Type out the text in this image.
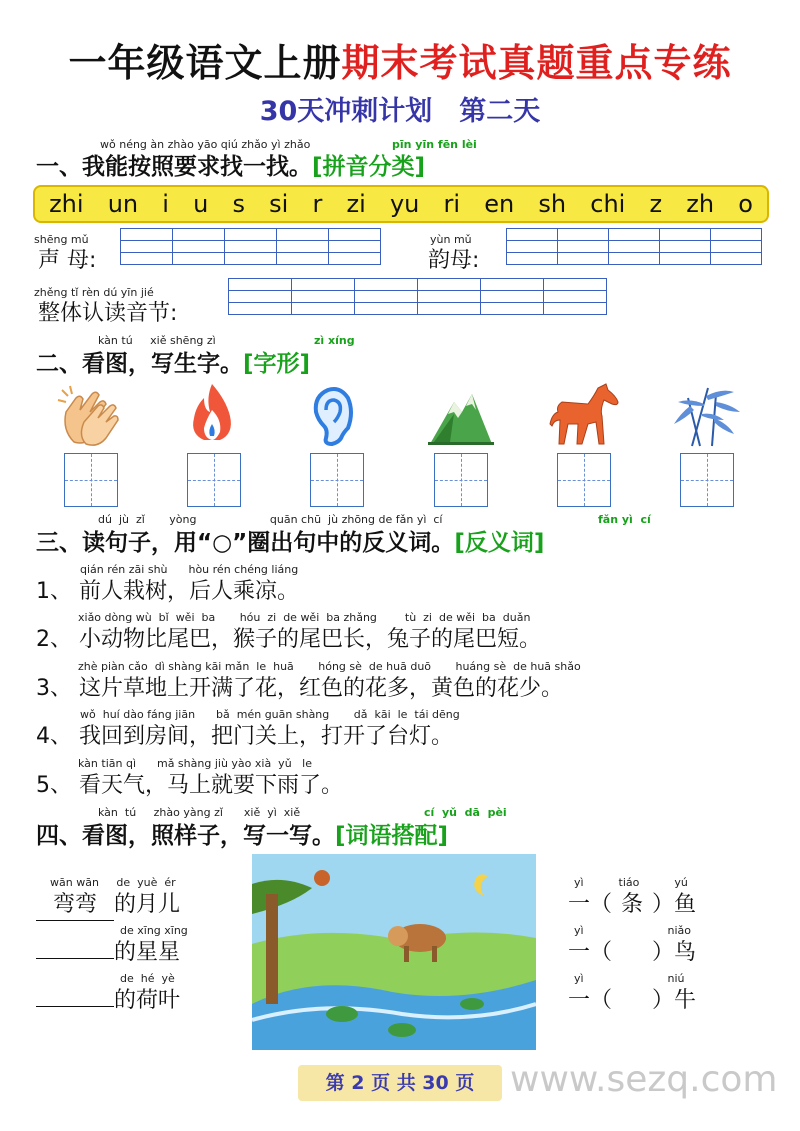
一年级语文上册期末考试真题重点专练
30天冲刺计划　第二天
wǒ néng àn zhào yāo qiú zhǎo yì zhǎo	pīn yīn fēn lèi
一、我能按照要求找一找。[拼音分类]
zhi un i u s si r zi yu ri en sh chi z zh o
shēng mǔ
声 母:

yùn mǔ
韵母:

zhěng tǐ rèn dú yīn jié
整体认读音节:

kàn tú     xiě shēng zì	zì xíng
二、看图，写生字。[字形]
dú  jù  zǐ       yòng                     quān chū  jù zhōng de fǎn yì  cí	fǎn yì  cí
三、读句子，用“○”圈出句中的反义词。[反义词]
qián rén zāi shù      hòu rén chéng liáng
1、 前人栽树，后人乘凉。
xiǎo dòng wù  bǐ  wěi  ba       hóu  zi  de wěi  ba zhǎng        tù  zi  de wěi  ba  duǎn
2、 小动物比尾巴，猴子的尾巴长，兔子的尾巴短。
zhè piàn cǎo  dì shàng kāi mǎn  le  huā       hóng sè  de huā duō       huáng sè  de huā shǎo
3、 这片草地上开满了花，红色的花多，黄色的花少。
wǒ  huí dào fáng jiān      bǎ  mén guān shàng       dǎ  kāi  le  tái dēng
4、 我回到房间，把门关上，打开了台灯。
kàn tiān qì      mǎ shàng jiù yào xià  yǔ   le
5、 看天气，马上就要下雨了。
kàn  tú     zhào yàng zǐ      xiě  yì  xiě	cí  yǔ  dā  pèi
四、看图，照样子，写一写。[词语搭配]
wān wān     de  yuè  ér
弯弯 的月儿
de xīng xīng
的星星
de  hé  yè
的荷叶
yì          tiáo          yú
一（ 条 ）鱼
yì                        niǎo
一（ ）鸟
yì                        niú
一（ ）牛
第 2 页 共 30 页 www.sezq.com
